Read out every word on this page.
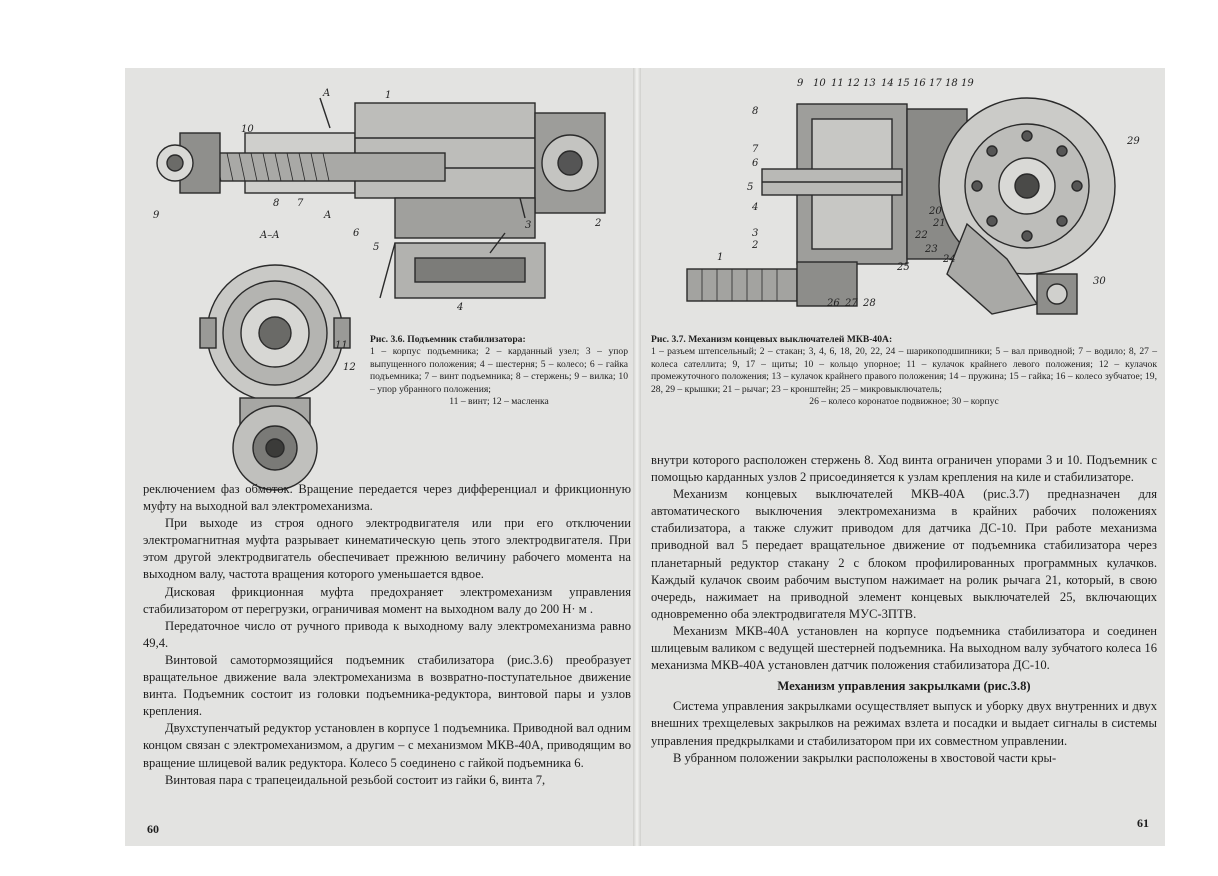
A
A
A–A
1
2
3
4
5
6
7
8
9
10
11
12
Рис. 3.6. Подъемник стабилизатора:
1 – корпус подъемника; 2 – карданный узел; 3 – упор выпущенного положения; 4 – шестерня; 5 – колесо; 6 – гайка подъемника; 7 – винт подъемника; 8 – стержень; 9 – вилка; 10 – упор убранного положения;
11 – винт; 12 – масленка

реключением фаз обмоток. Вращение передается через дифференциал и фрикционную муфту на выходной вал электромеханизма.

При выходе из строя одного электродвигателя или при его отключении электромагнитная муфта разрывает кинематическую цепь этого электродвигателя. При этом другой электродвигатель обеспечивает прежнюю величину рабочего момента на выходном валу, частота вращения которого уменьшается вдвое.

Дисковая фрикционная муфта предохраняет электромеханизм управления стабилизатором от перегрузки, ограничивая момент на выходном валу до 200 Н· м .

Передаточное число от ручного привода к выходному валу электромеханизма равно 49,4.

Винтовой самотормозящийся подъемник стабилизатора (рис.3.6) преобразует вращательное движение вала электромеханизма в возвратно-поступательное движение винта. Подъемник состоит из головки подъемника-редуктора, винтовой пары и узлов крепления.

Двухступенчатый редуктор установлен в корпусе 1 подъемника. Приводной вал одним концом связан с электромеханизмом, а другим – с механизмом МКВ-40А, приводящим во вращение шлицевой валик редуктора. Колесо 5 соединено с гайкой подъемника 6.

Винтовая пара с трапецеидальной резьбой состоит из гайки 6, винта 7,

60
9 10 11 12 13 14 15 16 17 18 19
8
7
6
5
4
3
2
1
26 27 28
29
20
21
22
23
24
25
30
Рис. 3.7. Механизм концевых выключателей МКВ-40А:
1 – разъем штепсельный; 2 – стакан; 3, 4, 6, 18, 20, 22, 24 – шарикоподшипники; 5 – вал приводной; 7 – водило; 8, 27 – колеса сателлита; 9, 17 – щиты; 10 – кольцо упорное; 11 – кулачок крайнего левого положения; 12 – кулачок промежуточного положения; 13 – кулачок крайнего правого положения; 14 – пружина; 15 – гайка; 16 – колесо зубчатое; 19, 28, 29 – крышки; 21 – рычаг; 23 – кронштейн; 25 – микровыключатель;
26 – колесо коронатое подвижное; 30 – корпус

внутри которого расположен стержень 8. Ход винта ограничен упорами 3 и 10. Подъемник с помощью карданных узлов 2 присоединяется к узлам крепления на киле и стабилизаторе.

Механизм концевых выключателей МКВ-40А (рис.3.7) предназначен для автоматического выключения электромеханизма в крайних рабочих положениях стабилизатора, а также служит приводом для датчика ДС-10. При работе механизма приводной вал 5 передает вращательное движение от подъемника стабилизатора через планетарный редуктор стакану 2 с блоком профилированных программных кулачков. Каждый кулачок своим рабочим выступом нажимает на ролик рычага 21, который, в свою очередь, нажимает на приводной элемент концевых выключателей 25, включающих одновременно оба электродвигателя МУС-3ПТВ.

Механизм МКВ-40А установлен на корпусе подъемника стабилизатора и соединен шлицевым валиком с ведущей шестерней подъемника. На выходном валу зубчатого колеса 16 механизма МКВ-40А установлен датчик положения стабилизатора ДС-10.

Механизм управления закрылками (рис.3.8)

Система управления закрылками осуществляет выпуск и уборку двух внутренних и двух внешних трехщелевых закрылков на режимах взлета и посадки и выдает сигналы в системы управления предкрылками и стабилизатором при их совместном управлении.

В убранном положении закрылки расположены в хвостовой части кры-

61
